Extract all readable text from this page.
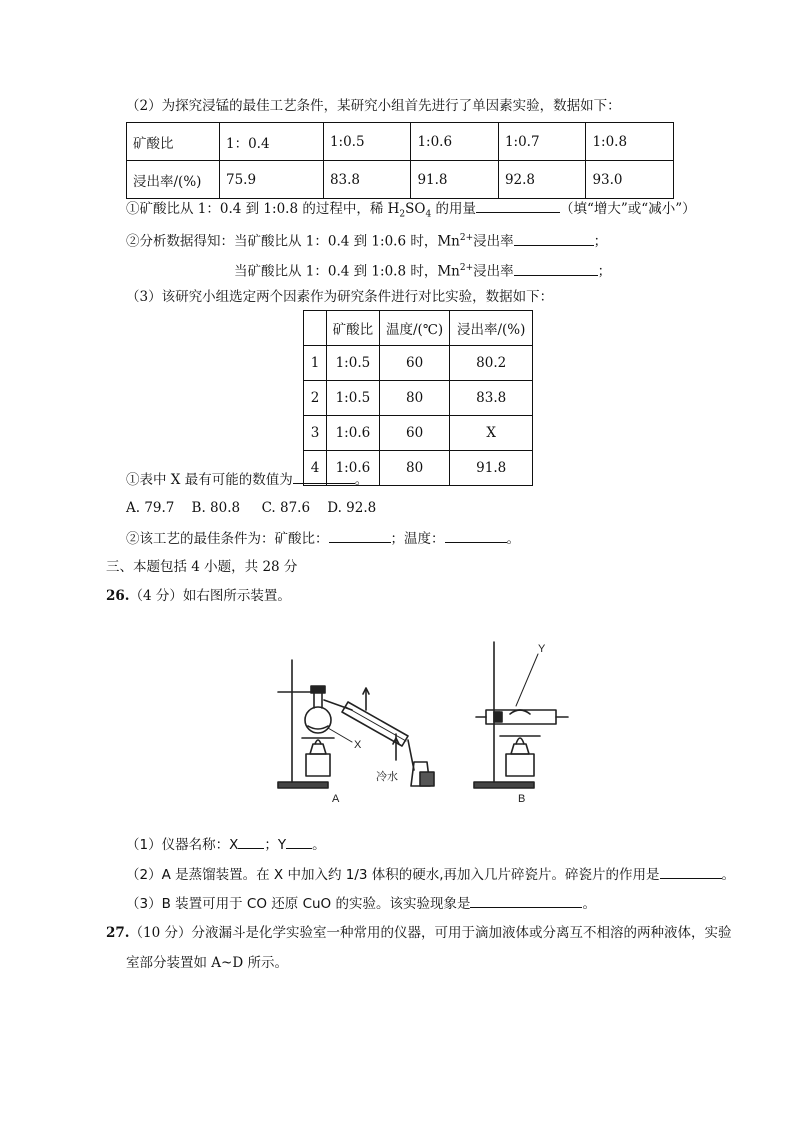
（2）为探究浸锰的最佳工艺条件，某研究小组首先进行了单因素实验，数据如下：
矿酸比	1：0.4	1:0.5	1:0.6	1:0.7	1:0.8
浸出率/(%)	75.9	83.8	91.8	92.8	93.0
①矿酸比从 1：0.4 到 1:0.8 的过程中，稀 $H_2SO_4$ 的用量	（填“增大”或“减小”）
②分析数据得知：当矿酸比从 1：0.4 到 1:0.6 时，$Mn^{2+}$浸出率	；
当矿酸比从 1：0.4 到 1:0.8 时，$Mn^{2+}$浸出率	；
（3）该研究小组选定两个因素作为研究条件进行对比实验，数据如下：
	矿酸比	温度/(℃)	浸出率/(%)
1	1:0.5	60	80.2
2	1:0.5	80	83.8
3	1:0.6	60	X
4	1:0.6	80	91.8
①表中 X 最有可能的数值为	。
A. 79.7    B. 80.8     C. 87.6    D. 92.8
②该工艺的最佳条件为：矿酸比：	；温度：	。
三、本题包括 4 小题，共 28 分
26.（4 分）如右图所示装置。
X
冷水
A
Y
B
（1）仪器名称：X ；Y 。
（2）A 是蒸馏装置。在 X 中加入约 1/3 体积的硬水,再加入几片碎瓷片。碎瓷片的作用是	。
（3）B 装置可用于 CO 还原 CuO 的实验。该实验现象是	。
27.（10 分）分液漏斗是化学实验室一种常用的仪器，可用于滴加液体或分离互不相溶的两种液体，实验
室部分装置如 A~D 所示。
